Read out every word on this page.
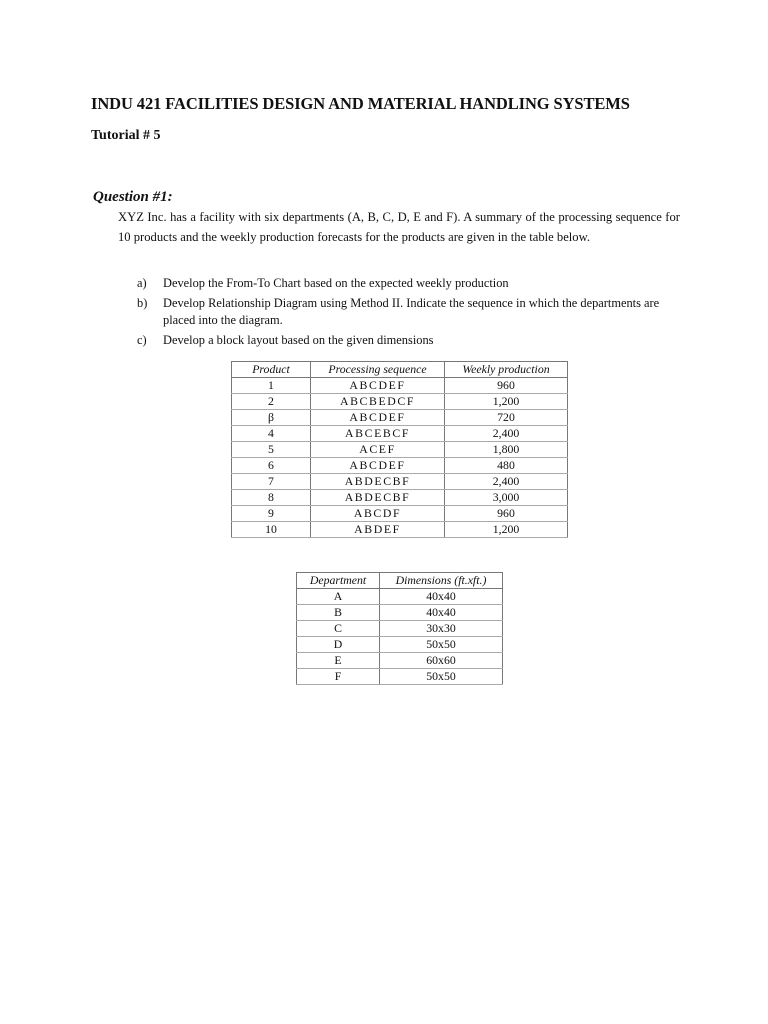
INDU 421 FACILITIES DESIGN AND MATERIAL HANDLING SYSTEMS
Tutorial # 5
Question #1:
XYZ Inc. has a facility with six departments (A, B, C, D, E and F). A summary of the processing sequence for 10 products and the weekly production forecasts for the products are given in the table below.
a) Develop the From-To Chart based on the expected weekly production
b) Develop Relationship Diagram using Method II. Indicate the sequence in which the departments are placed into the diagram.
c) Develop a block layout based on the given dimensions
Product	Processing sequence	Weekly production
1	ABCDEF	960
2	ABCBEDCF	1,200
β	ABCDEF	720
4	ABCEBCF	2,400
5	ACEF	1,800
6	ABCDEF	480
7	ABDECBF	2,400
8	ABDECBF	3,000
9	ABCDF	960
10	ABDEF	1,200
Department	Dimensions (ft.xft.)
A	40x40
B	40x40
C	30x30
D	50x50
E	60x60
F	50x50
